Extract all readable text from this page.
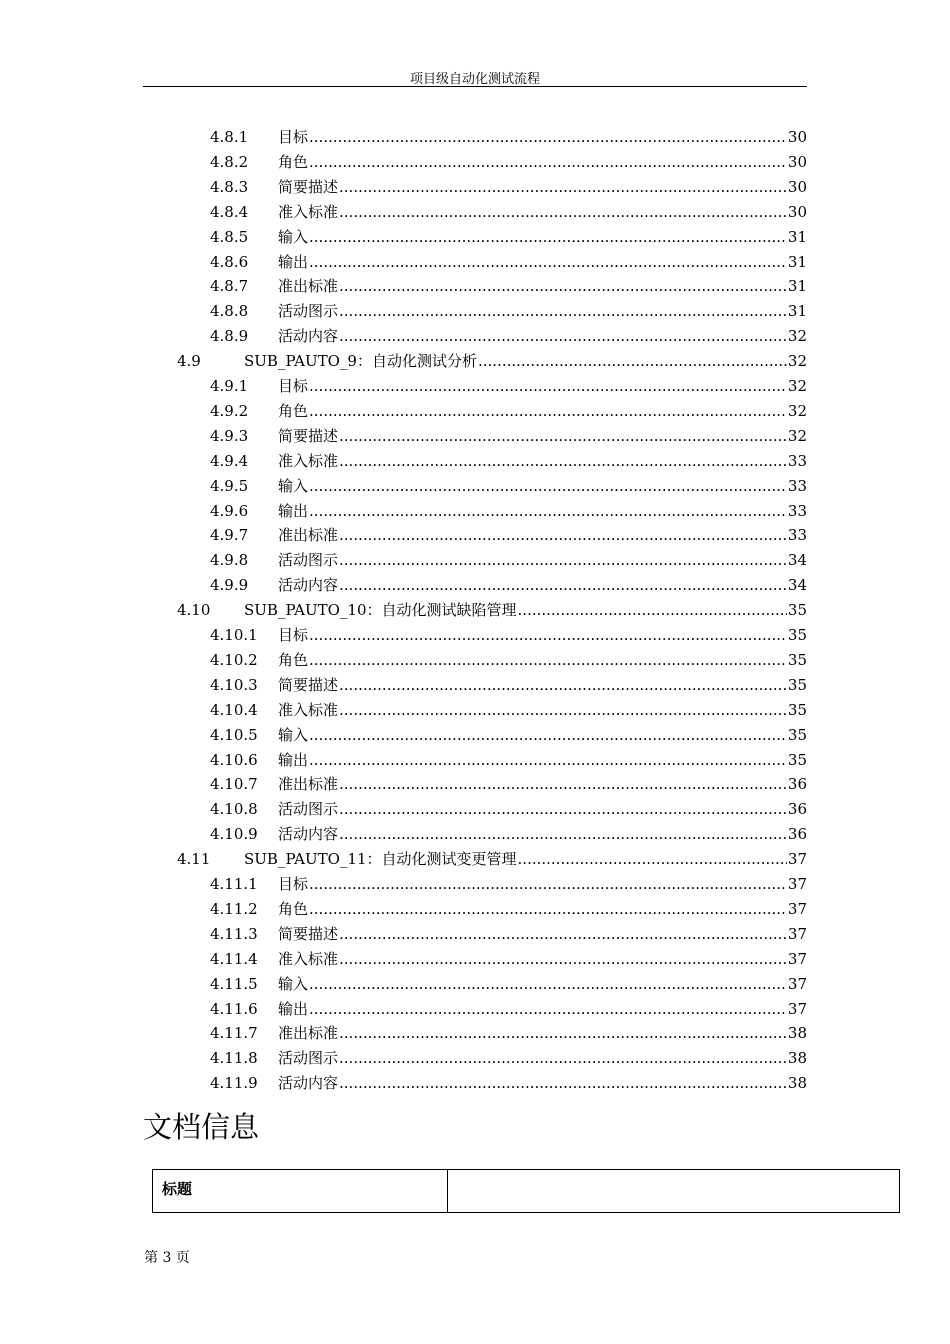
项目级自动化测试流程
4.8.1	目标 .....	30
4.8.2	角色 .....	30
4.8.3	简要描述 .....	30
4.8.4	准入标准 .....	30
4.8.5	输入 .....	31
4.8.6	输出 .....	31
4.8.7	准出标准 .....	31
4.8.8	活动图示 .....	31
4.8.9	活动内容 .....	32
4.9	SUB_PAUTO_9：自动化测试分析 .....	32
4.9.1	目标 .....	32
4.9.2	角色 .....	32
4.9.3	简要描述 .....	32
4.9.4	准入标准 .....	33
4.9.5	输入 .....	33
4.9.6	输出 .....	33
4.9.7	准出标准 .....	33
4.9.8	活动图示 .....	34
4.9.9	活动内容 .....	34
4.10	SUB_PAUTO_10：自动化测试缺陷管理 .....	35
4.10.1	目标 .....	35
4.10.2	角色 .....	35
4.10.3	简要描述 .....	35
4.10.4	准入标准 .....	35
4.10.5	输入 .....	35
4.10.6	输出 .....	35
4.10.7	准出标准 .....	36
4.10.8	活动图示 .....	36
4.10.9	活动内容 .....	36
4.11	SUB_PAUTO_11：自动化测试变更管理 .....	37
4.11.1	目标 .....	37
4.11.2	角色 .....	37
4.11.3	简要描述 .....	37
4.11.4	准入标准 .....	37
4.11.5	输入 .....	37
4.11.6	输出 .....	37
4.11.7	准出标准 .....	38
4.11.8	活动图示 .....	38
4.11.9	活动内容 .....	38
文档信息
标题	
第 3 页
